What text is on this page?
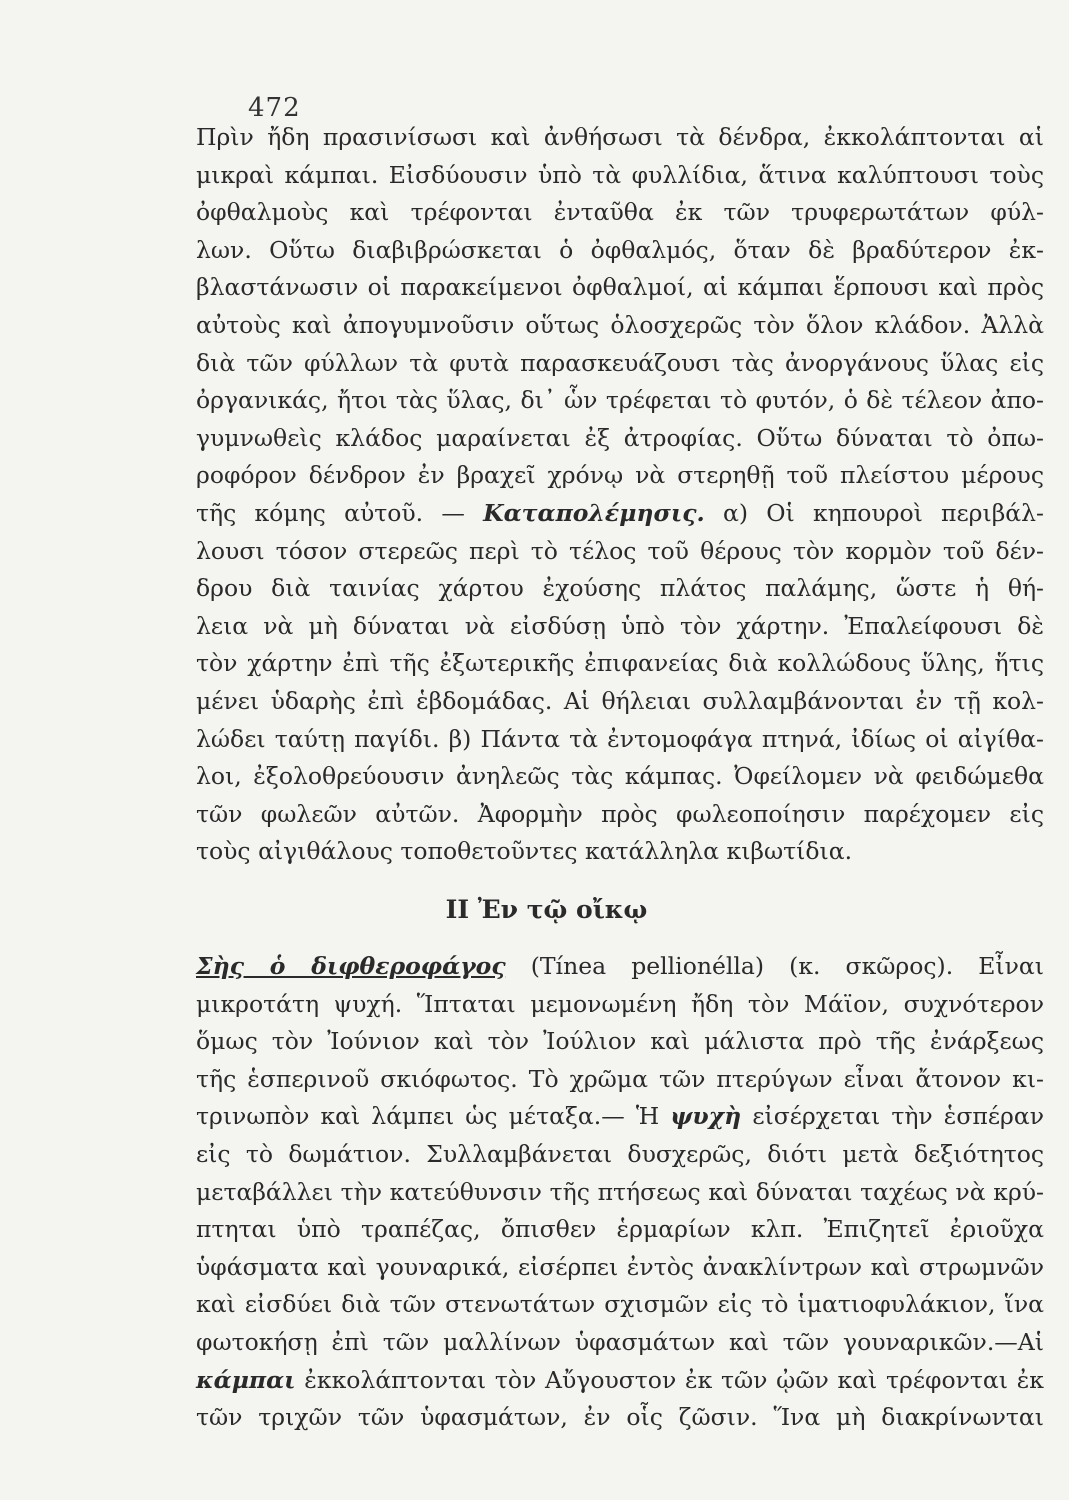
472
Πρὶν ἤδη πρασινίσωσι καὶ ἀνθήσωσι τὰ δένδρα, ἐκκολάπτονται αἱ
μικραὶ κάμπαι. Εἰσδύουσιν ὑπὸ τὰ φυλλίδια, ἅτινα καλύπτουσι τοὺς
ὀφθαλμοὺς καὶ τρέφονται ἐνταῦθα ἐκ τῶν τρυφερωτάτων φύλ-
λων. Οὕτω διαβιβρώσκεται ὁ ὀφθαλμός, ὅταν δὲ βραδύτερον ἐκ-
βλαστάνωσιν οἱ παρακείμενοι ὀφθαλμοί, αἱ κάμπαι ἕρπουσι καὶ πρὸς
αὐτοὺς καὶ ἀπογυμνοῦσιν οὕτως ὁλοσχερῶς τὸν ὅλον κλάδον. Ἀλλὰ
διὰ τῶν φύλλων τὰ φυτὰ παρασκευάζουσι τὰς ἀνοργάνους ὕλας εἰς
ὀργανικάς, ἤτοι τὰς ὕλας, δι᾽ ὧν τρέφεται τὸ φυτόν, ὁ δὲ τέλεον ἀπο-
γυμνωθεὶς κλάδος μαραίνεται ἐξ ἀτροφίας. Οὕτω δύναται τὸ ὀπω-
ροφόρον δένδρον ἐν βραχεῖ χρόνῳ νὰ στερηθῇ τοῦ πλείστου μέρους
τῆς κόμης αὐτοῦ. — Καταπολέμησις. α) Οἱ κηπουροὶ περιβάλ-
λουσι τόσον στερεῶς περὶ τὸ τέλος τοῦ θέρους τὸν κορμὸν τοῦ δέν-
δρου διὰ ταινίας χάρτου ἐχούσης πλάτος παλάμης, ὥστε ἡ θή-
λεια νὰ μὴ δύναται νὰ εἰσδύσῃ ὑπὸ τὸν χάρτην. Ἐπαλείφουσι δὲ
τὸν χάρτην ἐπὶ τῆς ἐξωτερικῆς ἐπιφανείας διὰ κολλώδους ὕλης, ἥτις
μένει ὑδαρὴς ἐπὶ ἑβδομάδας. Αἱ θήλειαι συλλαμβάνονται ἐν τῇ κολ-
λώδει ταύτῃ παγίδι. β) Πάντα τὰ ἐντομοφάγα πτηνά, ἰδίως οἱ αἰγίθα-
λοι, ἐξολοθρεύουσιν ἀνηλεῶς τὰς κάμπας. Ὀφείλομεν νὰ φειδώμεθα
τῶν φωλεῶν αὐτῶν. Ἀφορμὴν πρὸς φωλεοποίησιν παρέχομεν εἰς
τοὺς αἰγιθάλους τοποθετοῦντες κατάλληλα κιβωτίδια.
II Ἐν τῷ οἴκῳ
Σὴς ὁ διφθεροφάγος (Tínea pellionélla) (κ. σκῶρος). Εἶναι
μικροτάτη ψυχή. Ἵπταται μεμονωμένη ἤδη τὸν Μάϊον, συχνότερον
ὅμως τὸν Ἰούνιον καὶ τὸν Ἰούλιον καὶ μάλιστα πρὸ τῆς ἐνάρξεως
τῆς ἑσπερινοῦ σκιόφωτος. Τὸ χρῶμα τῶν πτερύγων εἶναι ἄτονον κι-
τρινωπὸν καὶ λάμπει ὡς μέταξα.— Ἡ ψυχὴ εἰσέρχεται τὴν ἑσπέραν
εἰς τὸ δωμάτιον. Συλλαμβάνεται δυσχερῶς, διότι μετὰ δεξιότητος
μεταβάλλει τὴν κατεύθυνσιν τῆς πτήσεως καὶ δύναται ταχέως νὰ κρύ-
πτηται ὑπὸ τραπέζας, ὄπισθεν ἑρμαρίων κλπ. Ἐπιζητεῖ ἐριοῦχα
ὑφάσματα καὶ γουναρικά, εἰσέρπει ἐντὸς ἀνακλίντρων καὶ στρωμνῶν
καὶ εἰσδύει διὰ τῶν στενωτάτων σχισμῶν εἰς τὸ ἱματιοφυλάκιον, ἵνα
φωτοκήσῃ ἐπὶ τῶν μαλλίνων ὑφασμάτων καὶ τῶν γουναρικῶν.—Αἱ
κάμπαι ἐκκολάπτονται τὸν Αὔγουστον ἐκ τῶν ᾠῶν καὶ τρέφονται ἐκ
τῶν τριχῶν τῶν ὑφασμάτων, ἐν οἷς ζῶσιν. Ἵνα μὴ διακρίνωνται
